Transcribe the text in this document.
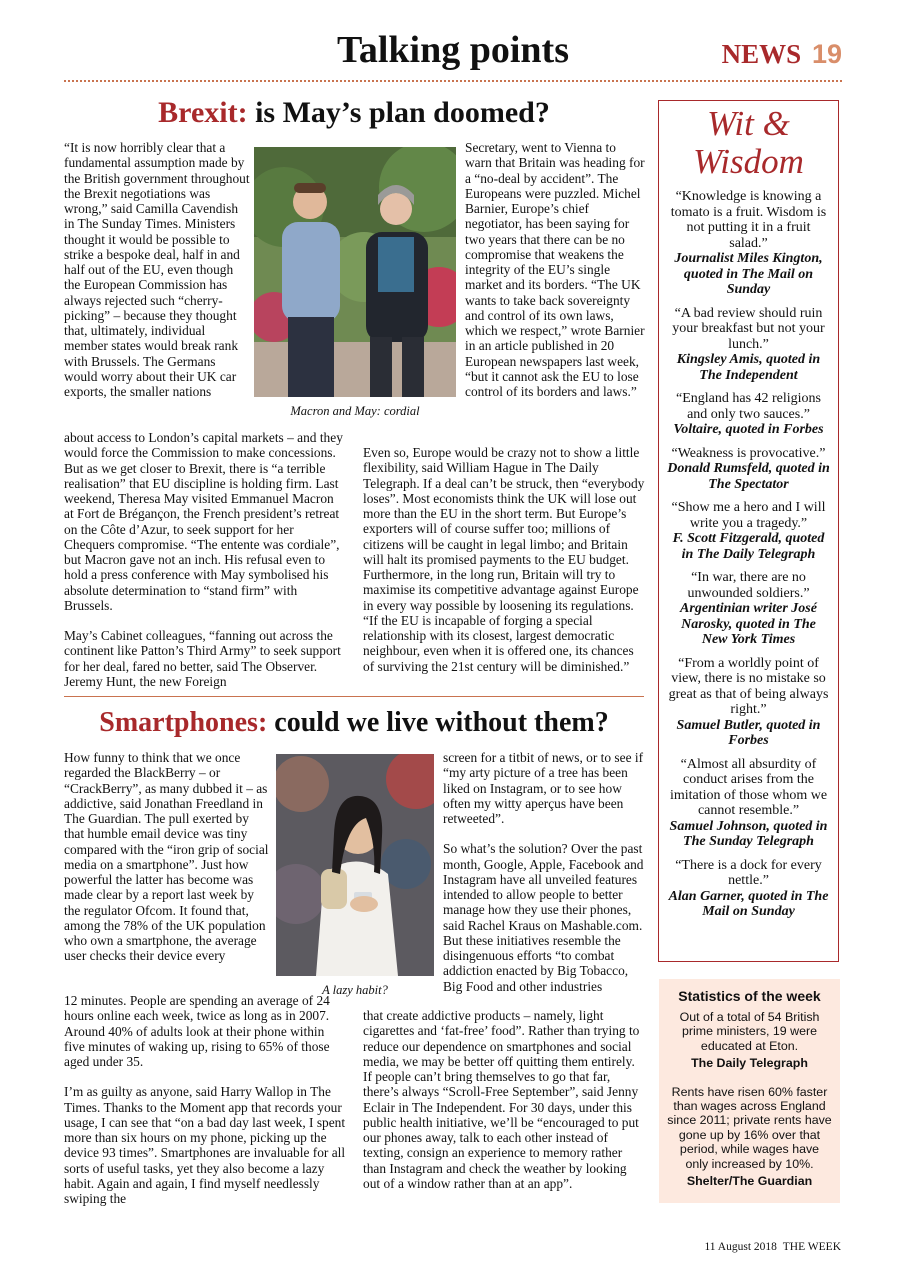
Talking points	NEWS 19
Brexit: is May’s plan doomed?
“It is now horribly clear that a fundamental assumption made by the British government throughout the Brexit negotiations was wrong,” said Camilla Cavendish in The Sunday Times. Ministers thought it would be possible to strike a bespoke deal, half in and half out of the EU, even though the European Commission has always rejected such “cherry-picking” – because they thought that, ultimately, individual member states would break rank with Brussels. The Germans would worry about their UK car exports, the smaller nations
Macron and May: cordial
Secretary, went to Vienna to warn that Britain was heading for a “no-deal by accident”. The Europeans were puzzled. Michel Barnier, Europe’s chief negotiator, has been saying for two years that there can be no compromise that weakens the integrity of the EU’s single market and its borders. “The UK wants to take back sovereignty and control of its own laws, which we respect,” wrote Barnier in an article published in 20 European newspapers last week, “but it cannot ask the EU to lose control of its borders and laws.”

about access to London’s capital markets – and they would force the Commission to make concessions. But as we get closer to Brexit, there is “a terrible realisation” that EU discipline is holding firm. Last weekend, Theresa May visited Emmanuel Macron at Fort de Brégançon, the French president’s retreat on the Côte d’Azur, to seek support for her Chequers compromise. “The entente was cordiale”, but Macron gave not an inch. His refusal even to hold a press conference with May symbolised his absolute determination to “stand firm” with Brussels.

May’s Cabinet colleagues, “fanning out across the continent like Patton’s Third Army” to seek support for her deal, fared no better, said The Observer. Jeremy Hunt, the new Foreign

Even so, Europe would be crazy not to show a little flexibility, said William Hague in The Daily Telegraph. If a deal can’t be struck, then “everybody loses”. Most economists think the UK will lose out more than the EU in the short term. But Europe’s exporters will of course suffer too; millions of citizens will be caught in legal limbo; and Britain will halt its promised payments to the EU budget. Furthermore, in the long run, Britain will try to maximise its competitive advantage against Europe in every way possible by loosening its regulations. “If the EU is incapable of forging a special relationship with its closest, largest democratic neighbour, even when it is offered one, its chances of surviving the 21st century will be diminished.”
Smartphones: could we live without them?
How funny to think that we once regarded the BlackBerry – or “CrackBerry”, as many dubbed it – as addictive, said Jonathan Freedland in The Guardian. The pull exerted by that humble email device was tiny compared with the “iron grip of social media on a smartphone”. Just how powerful the latter has become was made clear by a report last week by the regulator Ofcom. It found that, among the 78% of the UK population who own a smartphone, the average user checks their device every
A lazy habit?

screen for a titbit of news, or to see if “my arty picture of a tree has been liked on Instagram, or to see how often my witty aperçus have been retweeted”.

So what’s the solution? Over the past month, Google, Apple, Facebook and Instagram have all unveiled features intended to allow people to better manage how they use their phones, said Rachel Kraus on Mashable.com. But these initiatives resemble the disingenuous efforts “to combat addiction enacted by Big Tobacco, Big Food and other industries

12 minutes. People are spending an average of 24 hours online each week, twice as long as in 2007. Around 40% of adults look at their phone within five minutes of waking up, rising to 65% of those aged under 35.

I’m as guilty as anyone, said Harry Wallop in The Times. Thanks to the Moment app that records your usage, I can see that “on a bad day last week, I spent more than six hours on my phone, picking up the device 93 times”. Smartphones are invaluable for all sorts of useful tasks, yet they also become a lazy habit. Again and again, I find myself needlessly swiping the

that create addictive products – namely, light cigarettes and ‘fat-free’ food”. Rather than trying to reduce our dependence on smartphones and social media, we may be better off quitting them entirely. If people can’t bring themselves to go that far, there’s always “Scroll-Free September”, said Jenny Eclair in The Independent. For 30 days, under this public health initiative, we’ll be “encouraged to put our phones away, talk to each other instead of texting, consign an experience to memory rather than Instagram and check the weather by looking out of a window rather than at an app”.
Wit &
Wisdom

“Knowledge is knowing a tomato is a fruit. Wisdom is not putting it in a fruit salad.”

Journalist Miles Kington, quoted in The Mail on Sunday

“A bad review should ruin your breakfast but not your lunch.”

Kingsley Amis, quoted in The Independent

“England has 42 religions and only two sauces.”

Voltaire, quoted in Forbes

“Weakness is provocative.”

Donald Rumsfeld, quoted in The Spectator

“Show me a hero and I will write you a tragedy.”

F. Scott Fitzgerald, quoted in The Daily Telegraph

“In war, there are no unwounded soldiers.”

Argentinian writer José Narosky, quoted in The New York Times

“From a worldly point of view, there is no mistake so great as that of being always right.”

Samuel Butler, quoted in Forbes

“Almost all absurdity of conduct arises from the imitation of those whom we cannot resemble.”

Samuel Johnson, quoted in The Sunday Telegraph

“There is a dock for every nettle.”

Alan Garner, quoted in The Mail on Sunday

Statistics of the week

Out of a total of 54 British prime ministers, 19 were educated at Eton.

The Daily Telegraph

Rents have risen 60% faster than wages across England since 2011; private rents have gone up by 16% over that period, while wages have only increased by 10%.

Shelter/The Guardian

11 August 2018 THE WEEK
